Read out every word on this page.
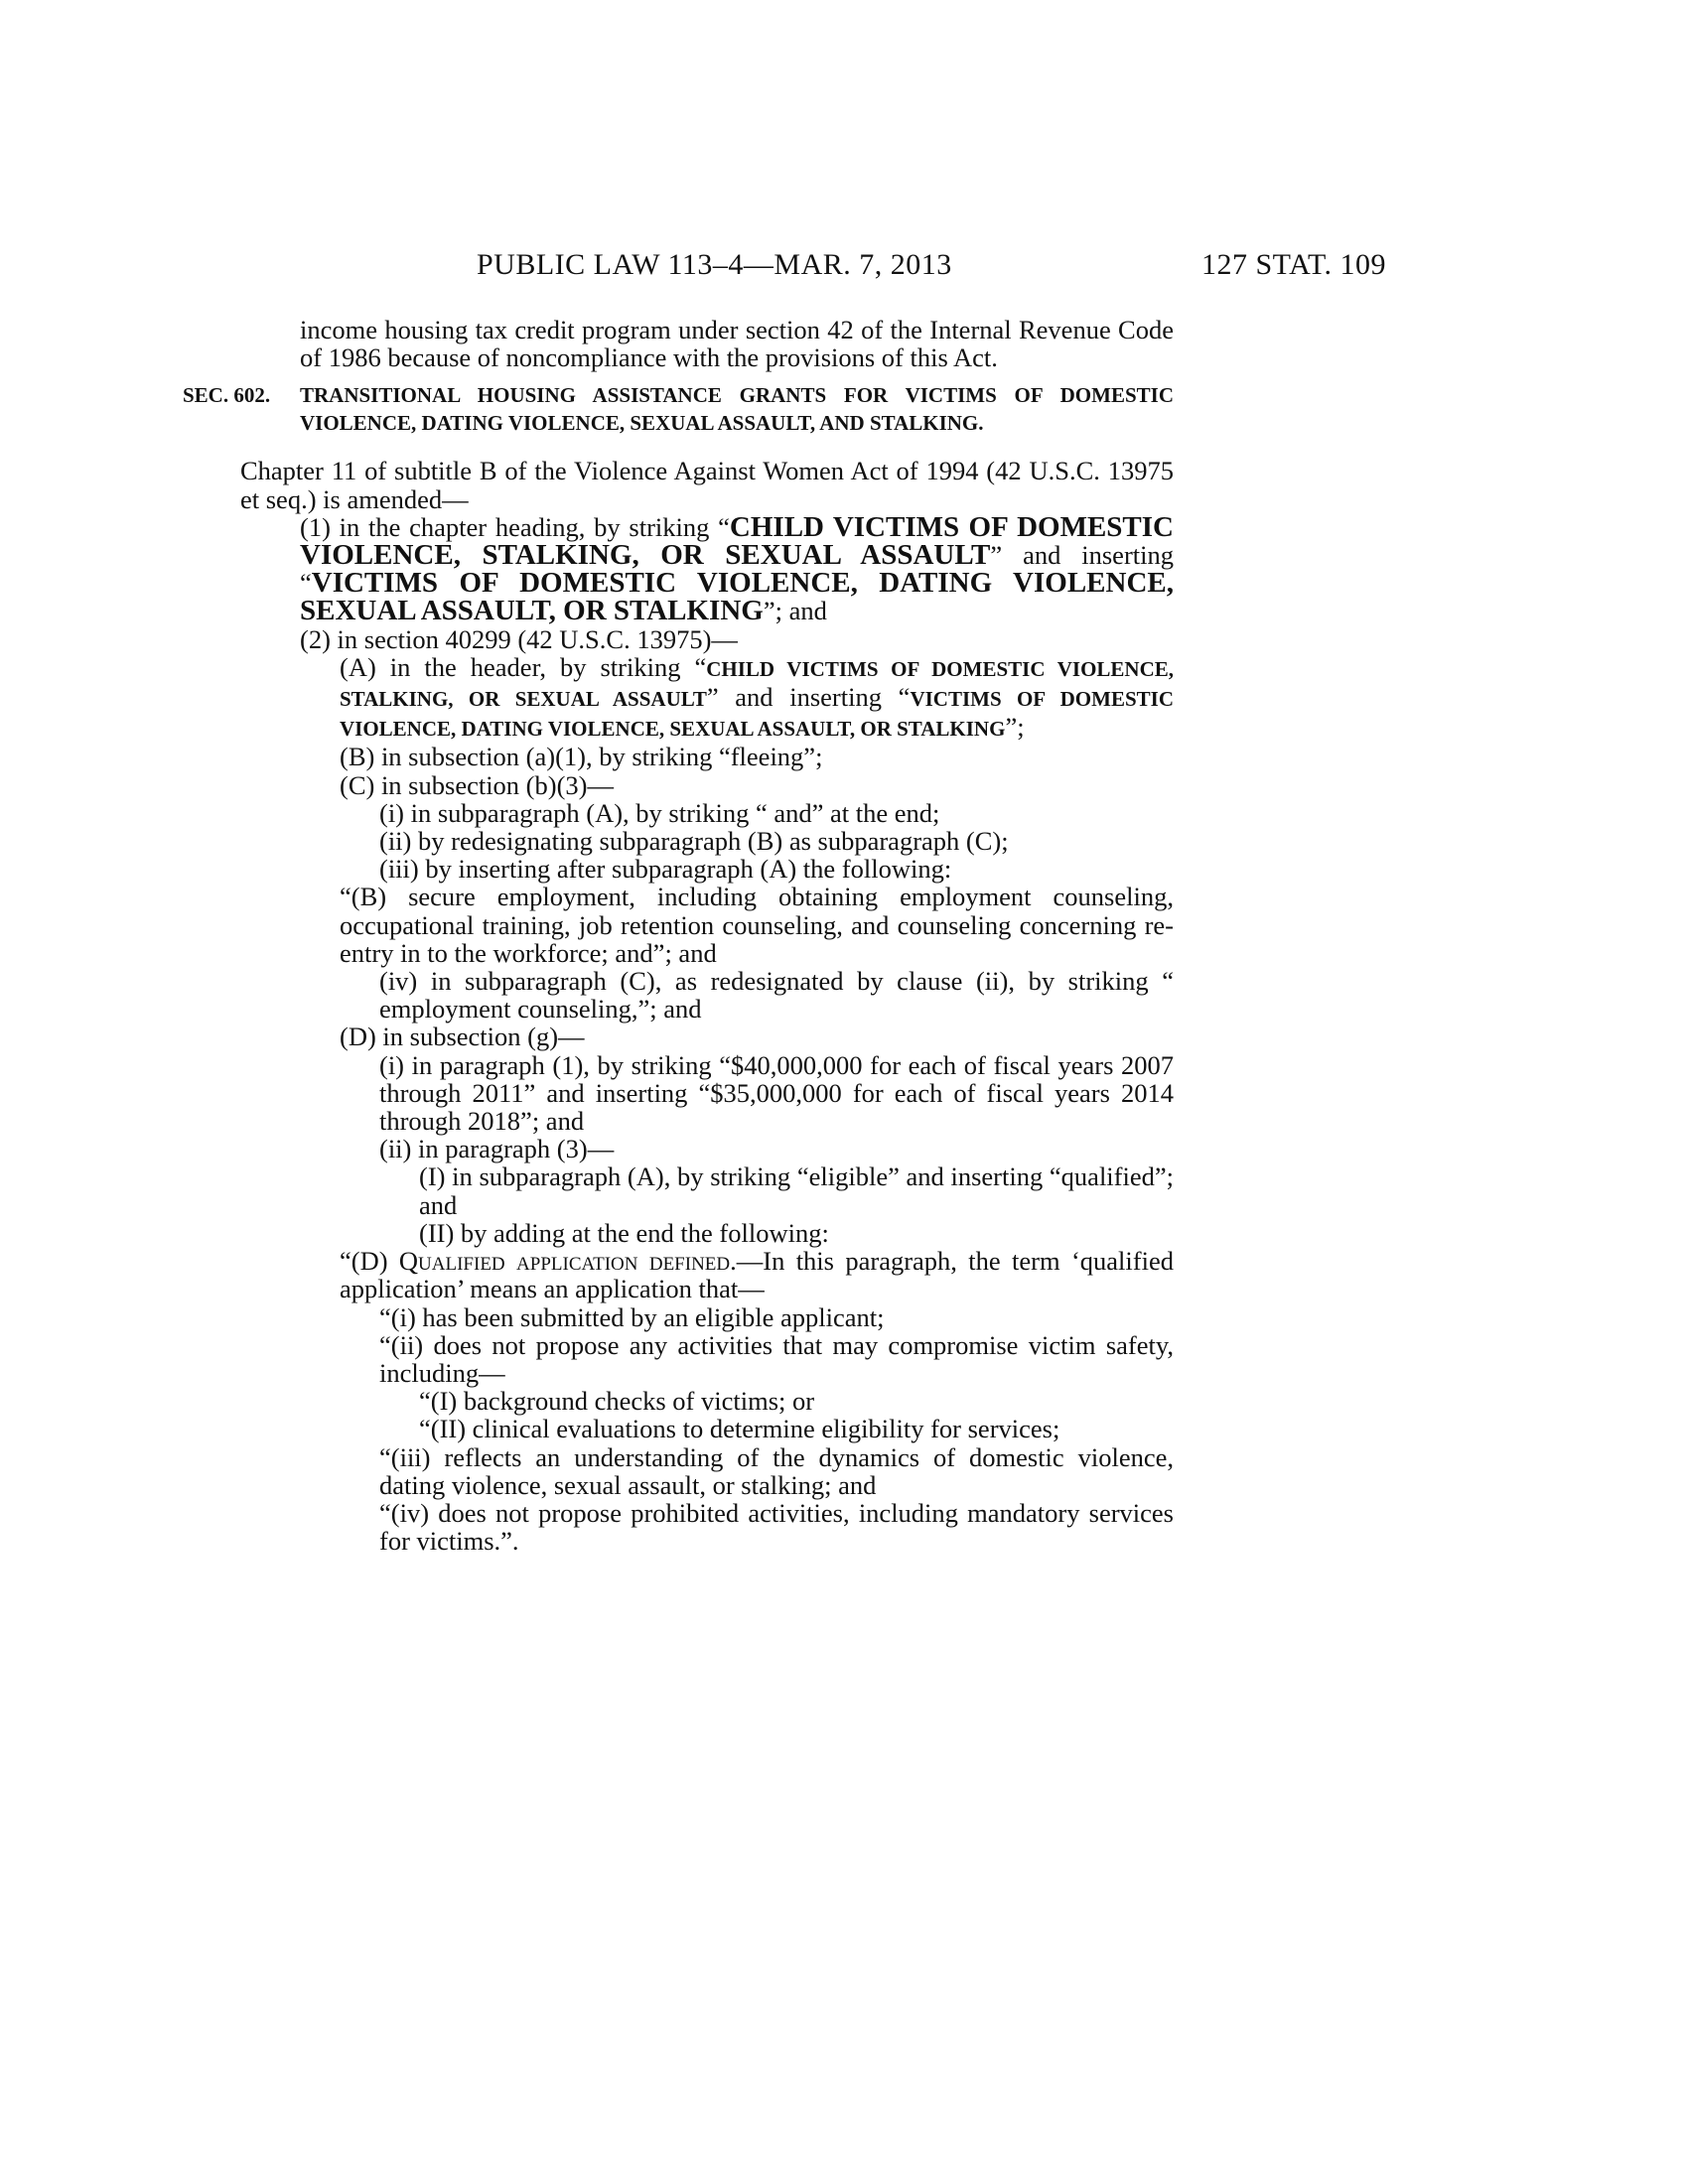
PUBLIC LAW 113–4—MAR. 7, 2013	127 STAT. 109

income housing tax credit program under section 42 of the Internal Revenue Code of 1986 because of noncompliance with the provisions of this Act.

SEC. 602. TRANSITIONAL HOUSING ASSISTANCE GRANTS FOR VICTIMS OF DOMESTIC VIOLENCE, DATING VIOLENCE, SEXUAL ASSAULT, AND STALKING.

Chapter 11 of subtitle B of the Violence Against Women Act of 1994 (42 U.S.C. 13975 et seq.) is amended—

(1) in the chapter heading, by striking “CHILD VICTIMS OF DOMESTIC VIOLENCE, STALKING, OR SEXUAL ASSAULT” and inserting “VICTIMS OF DOMESTIC VIOLENCE, DATING VIOLENCE, SEXUAL ASSAULT, OR STALKING”; and

(2) in section 40299 (42 U.S.C. 13975)—

(A) in the header, by striking “CHILD VICTIMS OF DOMESTIC VIOLENCE, STALKING, OR SEXUAL ASSAULT” and inserting “VICTIMS OF DOMESTIC VIOLENCE, DATING VIOLENCE, SEXUAL ASSAULT, OR STALKING”;

(B) in subsection (a)(1), by striking “fleeing”;

(C) in subsection (b)(3)—

(i) in subparagraph (A), by striking “ and” at the end;

(ii) by redesignating subparagraph (B) as subparagraph (C);

(iii) by inserting after subparagraph (A) the following:

“(B) secure employment, including obtaining employment counseling, occupational training, job retention counseling, and counseling concerning re-entry in to the workforce; and”; and

(iv) in subparagraph (C), as redesignated by clause (ii), by striking “ employment counseling,”; and

(D) in subsection (g)—

(i) in paragraph (1), by striking “$40,000,000 for each of fiscal years 2007 through 2011” and inserting “$35,000,000 for each of fiscal years 2014 through 2018”; and

(ii) in paragraph (3)—

(I) in subparagraph (A), by striking “eligible” and inserting “qualified”; and

(II) by adding at the end the following:

“(D) Qualified application defined.—In this paragraph, the term ‘qualified application’ means an application that—

“(i) has been submitted by an eligible applicant;

“(ii) does not propose any activities that may compromise victim safety, including—

“(I) background checks of victims; or

“(II) clinical evaluations to determine eligibility for services;

“(iii) reflects an understanding of the dynamics of domestic violence, dating violence, sexual assault, or stalking; and

“(iv) does not propose prohibited activities, including mandatory services for victims.”.
